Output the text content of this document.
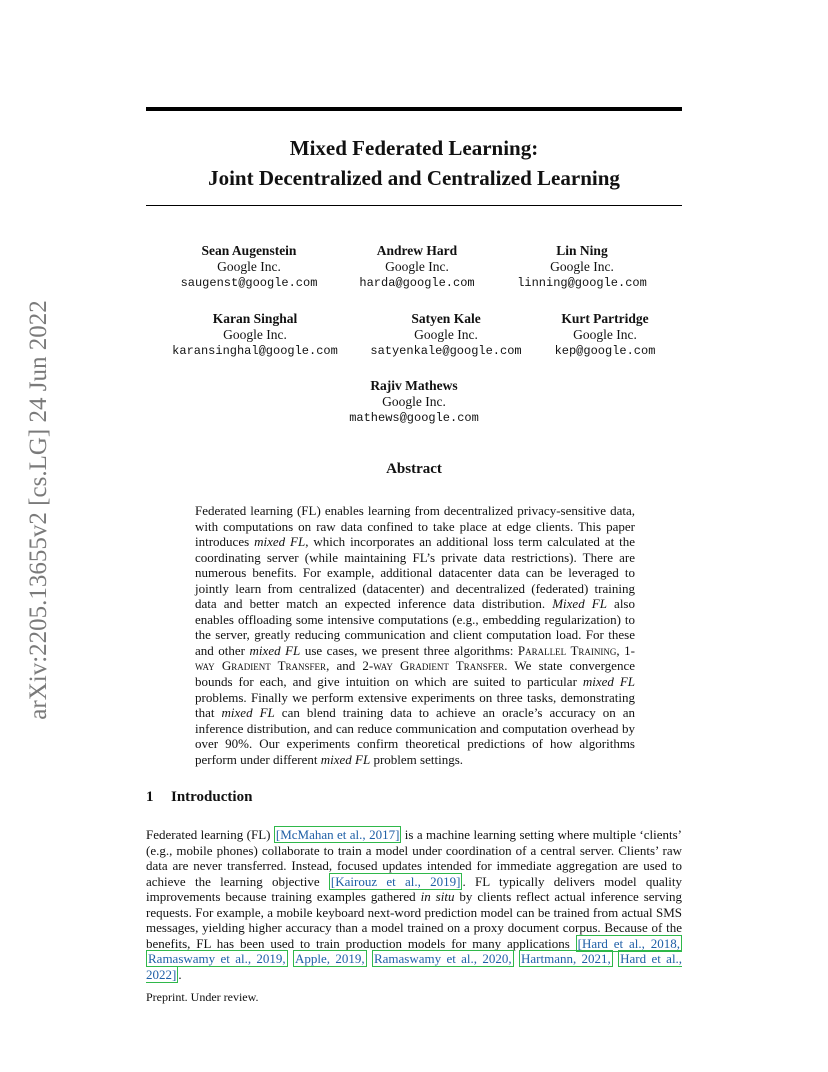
arXiv:2205.13655v2 [cs.LG] 24 Jun 2022
Mixed Federated Learning:
Joint Decentralized and Centralized Learning
Sean Augenstein
Google Inc.
saugenst@google.com
Andrew Hard
Google Inc.
harda@google.com
Lin Ning
Google Inc.
linning@google.com
Karan Singhal
Google Inc.
karansinghal@google.com
Satyen Kale
Google Inc.
satyenkale@google.com
Kurt Partridge
Google Inc.
kep@google.com
Rajiv Mathews
Google Inc.
mathews@google.com
Abstract
Federated learning (FL) enables learning from decentralized privacy-sensitive data, with computations on raw data confined to take place at edge clients. This paper introduces mixed FL, which incorporates an additional loss term calculated at the coordinating server (while maintaining FL’s private data restrictions). There are numerous benefits. For example, additional datacenter data can be leveraged to jointly learn from centralized (datacenter) and decentralized (federated) training data and better match an expected inference data distribution. Mixed FL also enables offloading some intensive computations (e.g., embedding regularization) to the server, greatly reducing communication and client computation load. For these and other mixed FL use cases, we present three algorithms: Parallel Training, 1-way Gradient Transfer, and 2-way Gradient Transfer. We state convergence bounds for each, and give intuition on which are suited to particular mixed FL problems. Finally we perform extensive experiments on three tasks, demonstrating that mixed FL can blend training data to achieve an oracle’s accuracy on an inference distribution, and can reduce communication and computation overhead by over 90%. Our experiments confirm theoretical predictions of how algorithms perform under different mixed FL problem settings.
1 Introduction
Federated learning (FL) [McMahan et al., 2017] is a machine learning setting where multiple ‘clients’ (e.g., mobile phones) collaborate to train a model under coordination of a central server. Clients’ raw data are never transferred. Instead, focused updates intended for immediate aggregation are used to achieve the learning objective [Kairouz et al., 2019] . FL typically delivers model quality improvements because training examples gathered in situ by clients reflect actual inference serving requests. For example, a mobile keyboard next-word prediction model can be trained from actual SMS messages, yielding higher accuracy than a model trained on a proxy document corpus. Because of the benefits, FL has been used to train production models for many applications [Hard et al., 2018, Ramaswamy et al., 2019, Apple, 2019, Ramaswamy et al., 2020, Hartmann, 2021, Hard et al., 2022] .
Preprint. Under review.
